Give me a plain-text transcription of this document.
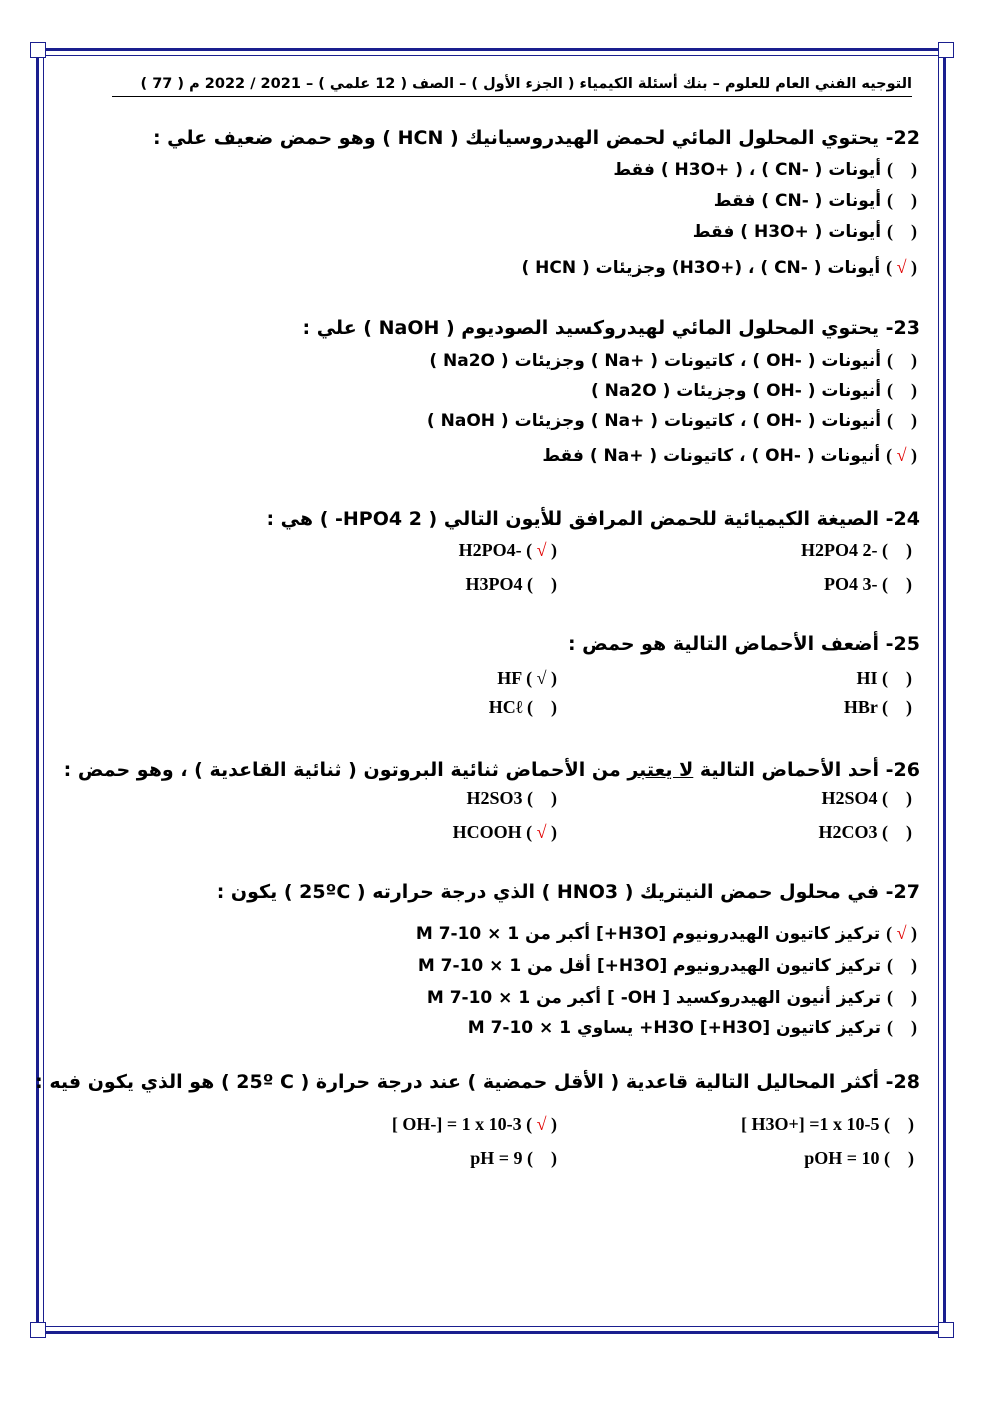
التوجيه الفني العام للعلوم – بنك أسئلة الكيمياء ( الجزء الأول ) – الصف ( 12 علمي ) – 2021 / 2022 م ( 77 )
22- يحتوي المحلول المائي لحمض الهيدروسيانيك ( HCN ) وهو حمض ضعيف علي :
(    ) أيونات ( -CN ) ، ( +H3O ) فقط
(    ) أيونات ( -CN ) فقط
(    ) أيونات ( +H3O ) فقط
( √ ) أيونات ( -CN ) ، (+H3O) وجزيئات ( HCN )
23- يحتوي المحلول المائي لهيدروكسيد الصوديوم ( NaOH ) علي :
(    ) أنيونات ( -OH ) ، كاتيونات ( +Na ) وجزيئات ( Na2O )
(    ) أنيونات ( -OH ) وجزيئات ( Na2O )
(    ) أنيونات ( -OH ) ، كاتيونات ( +Na ) وجزيئات ( NaOH )
( √ ) أنيونات ( -OH ) ، كاتيونات ( +Na ) فقط
24- الصيغة الكيميائية للحمض المرافق للأيون التالي ( HPO4 2- ) هي :
H2PO4 2- (    )
H2PO4- ( √ )
PO4 3- (    )
H3PO4 (    )
25- أضعف الأحماض التالية هو حمض :
HI (    )
HF ( √ )
HBr (    )
HCℓ (    )
26- أحد الأحماض التالية لا يعتبر من الأحماض ثنائية البروتون ( ثنائية القاعدية ) ، وهو حمض :
H2SO4 (    )
H2SO3 (    )
H2CO3 (    )
HCOOH ( √ )
27- في محلول حمض النيتريك ( HNO3 ) الذي درجة حرارته ( 25ºC ) يكون :
( √ ) تركيز كاتيون الهيدرونيوم [H3O+] أكبر من 1 × 10-7 M
(    ) تركيز كاتيون الهيدرونيوم [H3O+] أقل من 1 × 10-7 M
(    ) تركيز أنيون الهيدروكسيد [ OH- ] أكبر من 1 × 10-7 M
(    ) تركيز كاتيون [H3O+] H3O+ يساوي 1 × 10-7 M
28- أكثر المحاليل التالية قاعدية ( الأقل حمضية ) عند درجة حرارة ( 25º C ) هو الذي يكون فيه :
[ H3O+] =1 x 10-5 (    )
[ OH-] = 1 x 10-3 ( √ )
pOH = 10 (    )
pH = 9 (    )
